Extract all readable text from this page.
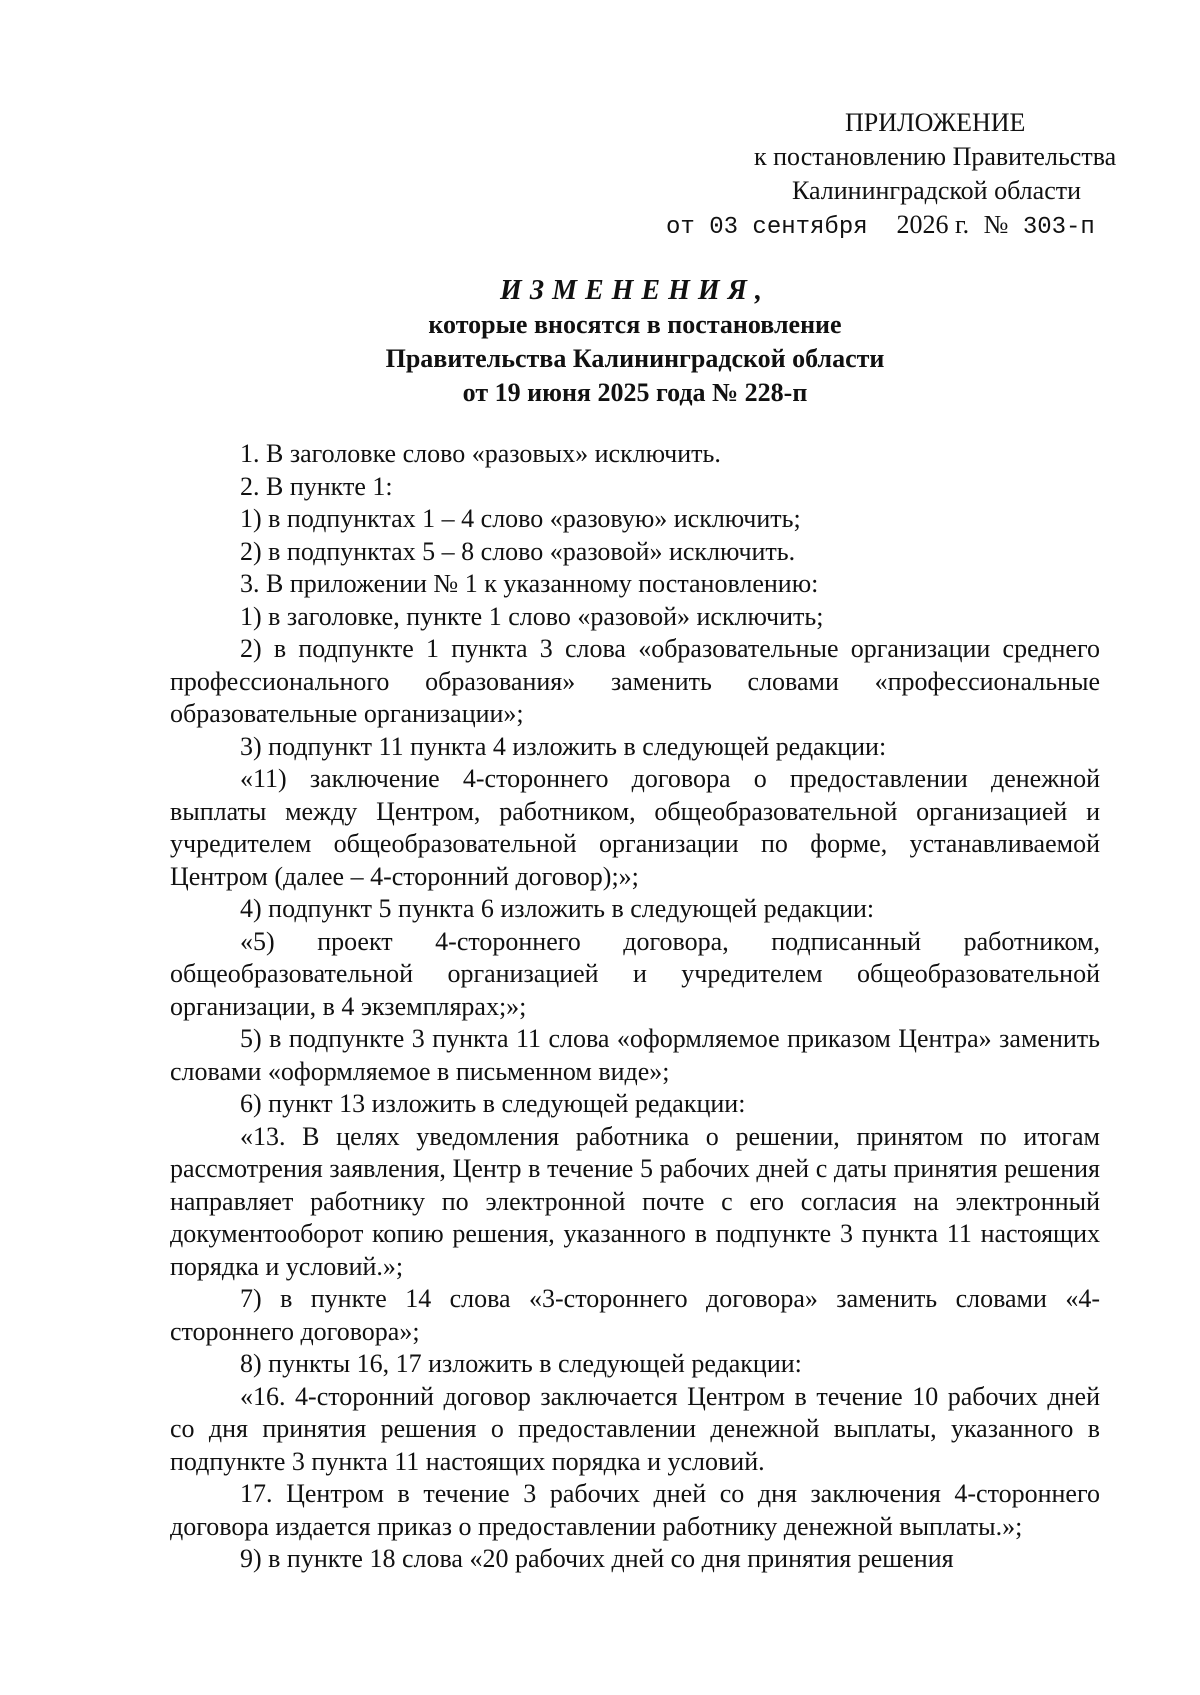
ПРИЛОЖЕНИЕ
к постановлению Правительства
Калининградской области
от 03 сентября 2026 г. № 303-п
ИЗМЕНЕНИЯ,
которые вносятся в постановление
Правительства Калининградской области
от 19 июня 2025 года № 228-п

1. В заголовке слово «разовых» исключить.

2. В пункте 1:

1) в подпунктах 1 – 4 слово «разовую» исключить;

2) в подпунктах 5 – 8 слово «разовой» исключить.

3. В приложении № 1 к указанному постановлению:

1) в заголовке, пункте 1 слово «разовой» исключить;

2) в подпункте 1 пункта 3 слова «образовательные организации среднего профессионального образования» заменить словами «профессиональные образовательные организации»;

3) подпункт 11 пункта 4 изложить в следующей редакции:

«11) заключение 4-стороннего договора о предоставлении денежной выплаты между Центром, работником, общеобразовательной организацией и учредителем общеобразовательной организации по форме, устанавливаемой Центром (далее – 4-сторонний договор);»;

4) подпункт 5 пункта 6 изложить в следующей редакции:

«5) проект 4-стороннего договора, подписанный работником, общеобразовательной организацией и учредителем общеобразовательной организации, в 4 экземплярах;»;

5) в подпункте 3 пункта 11 слова «оформляемое приказом Центра» заменить словами «оформляемое в письменном виде»;

6) пункт 13 изложить в следующей редакции:

«13. В целях уведомления работника о решении, принятом по итогам рассмотрения заявления, Центр в течение 5 рабочих дней с даты принятия решения направляет работнику по электронной почте с его согласия на электронный документооборот копию решения, указанного в подпункте 3 пункта 11 настоящих порядка и условий.»;

7) в пункте 14 слова «3-стороннего договора» заменить словами «4-стороннего договора»;

8) пункты 16, 17 изложить в следующей редакции:

«16. 4-сторонний договор заключается Центром в течение 10 рабочих дней со дня принятия решения о предоставлении денежной выплаты, указанного в подпункте 3 пункта 11 настоящих порядка и условий.

17. Центром в течение 3 рабочих дней со дня заключения 4-стороннего договора издается приказ о предоставлении работнику денежной выплаты.»;

9) в пункте 18 слова «20 рабочих дней со дня принятия решения
